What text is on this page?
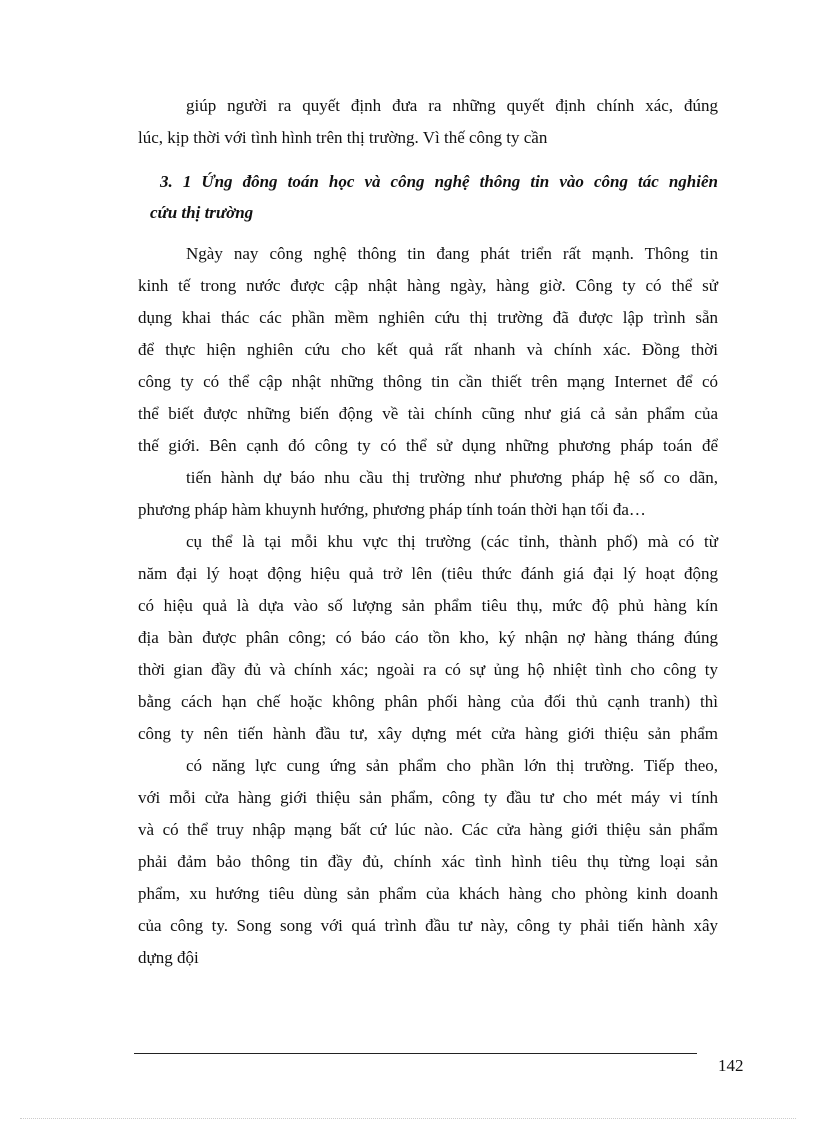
giúp người ra quyết định đưa ra những quyết định chính xác, đúng
lúc, kịp thời với tình hình trên thị trường. Vì thế công ty cần
3. 1 Ứng đông toán học và công nghệ thông tin vào công tác nghiên
cứu thị trường
Ngày nay công nghệ thông tin đang phát triển rất mạnh. Thông tin
kinh tế trong nước được cập nhật hàng ngày, hàng giờ. Công ty có thể sử
dụng khai thác các phần mềm nghiên cứu thị trường đã được lập trình sẵn
để thực hiện nghiên cứu cho kết quả rất nhanh và chính xác. Đồng thời
công ty có thể cập nhật những thông tin cần thiết trên mạng Internet để có
thể biết được những biến động về tài chính cũng như giá cả sản phẩm của
thế giới. Bên cạnh đó công ty có thể sử dụng những phương pháp toán để
tiến hành dự báo nhu cầu thị trường như phương pháp hệ số co dãn,
phương pháp hàm khuynh hướng, phương pháp tính toán thời hạn tối đa…
cụ thể là tại mỗi khu vực thị trường (các tỉnh, thành phố) mà có từ
năm đại lý hoạt động hiệu quả trở lên (tiêu thức đánh giá đại lý hoạt động
có hiệu quả là dựa vào số lượng sản phẩm tiêu thụ, mức độ phủ hàng kín
địa bàn được phân công; có báo cáo tồn kho, ký nhận nợ hàng tháng đúng
thời gian đầy đủ và chính xác; ngoài ra có sự ủng hộ nhiệt tình cho công ty
bằng cách hạn chế hoặc không phân phối hàng của đối thủ cạnh tranh) thì
công ty nên tiến hành đầu tư, xây dựng mét cửa hàng giới thiệu sản phẩm
có năng lực cung ứng sản phẩm cho phần lớn thị trường. Tiếp theo,
với mỗi cửa hàng giới thiệu sản phẩm, công ty đầu tư cho mét máy vi tính
và có thể truy nhập mạng bất cứ lúc nào. Các cửa hàng giới thiệu sản phẩm
phải đảm bảo thông tin đầy đủ, chính xác tình hình tiêu thụ từng loại sản
phẩm, xu hướng tiêu dùng sản phẩm của khách hàng cho phòng kinh doanh
của công ty. Song song với quá trình đầu tư này, công ty phải tiến hành xây
dựng đội
142
